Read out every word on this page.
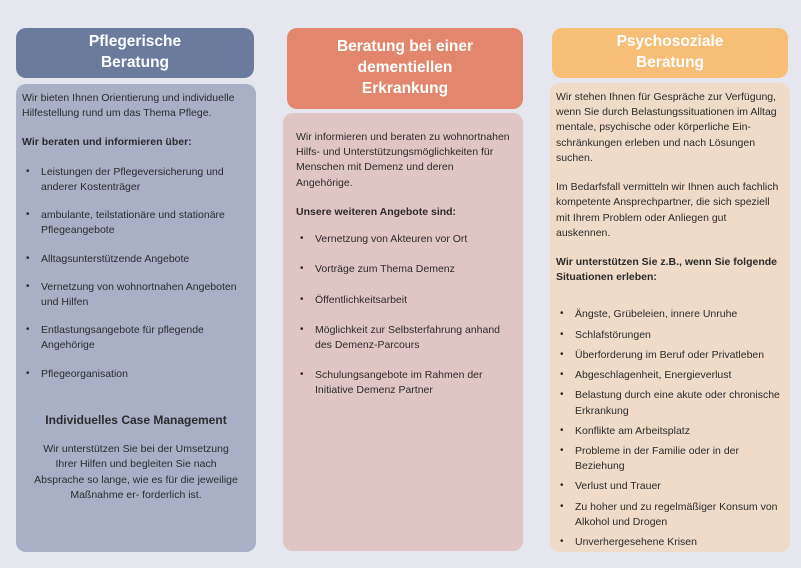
Pflegerische
Beratung

Wir bieten Ihnen Orientierung und individuelle Hilfestellung rund um das Thema Pflege.

Wir beraten und informieren über:

• Leistungen der Pflegeversicherung und anderer Kostenträger
• ambulante, teilstationäre und stationäre Pflegeangebote
• Alltagsunterstützende Angebote
• Vernetzung von wohnortnahen Angeboten und Hilfen
• Entlastungsangebote für pflegende Angehörige
• Pflegeorganisation
Individuelles Case Management
Wir unterstützen Sie bei der Umsetzung Ihrer Hilfen und begleiten Sie nach Absprache so lange, wie es für die jeweilige Maßnahme er- forderlich ist.
Beratung bei einer
dementiellen
Erkrankung

Wir informieren und beraten zu wohnortnahen Hilfs- und Unterstützungsmöglichkeiten für Menschen mit Demenz und deren Angehörige.

Unsere weiteren Angebote sind:

• Vernetzung von Akteuren vor Ort
• Vorträge zum Thema Demenz
• Öffentlichkeitsarbeit
• Möglichkeit zur Selbsterfahrung anhand des Demenz-Parcours
• Schulungsangebote im Rahmen der Initiative Demenz Partner
Psychosoziale
Beratung

Wir stehen Ihnen für Gespräche zur Verfügung, wenn Sie durch Belastungssituationen im Alltag mentale, psychische oder körperliche Ein- schränkungen erleben und nach Lösungen suchen.

Im Bedarfsfall vermitteln wir Ihnen auch fachlich kompetente Ansprechpartner, die sich speziell mit Ihrem Problem oder Anliegen gut auskennen.

Wir unterstützen Sie z.B., wenn Sie folgende Situationen erleben:

• Ängste, Grübeleien, innere Unruhe
• Schlafstörungen
• Überforderung im Beruf oder Privatleben
• Abgeschlagenheit, Energieverlust
• Belastung durch eine akute oder chronische Erkrankung
• Konflikte am Arbeitsplatz
• Probleme in der Familie oder in der Beziehung
• Verlust und Trauer
• Zu hoher und zu regelmäßiger Konsum von Alkohol und Drogen
• Unverhergesehene Krisen
